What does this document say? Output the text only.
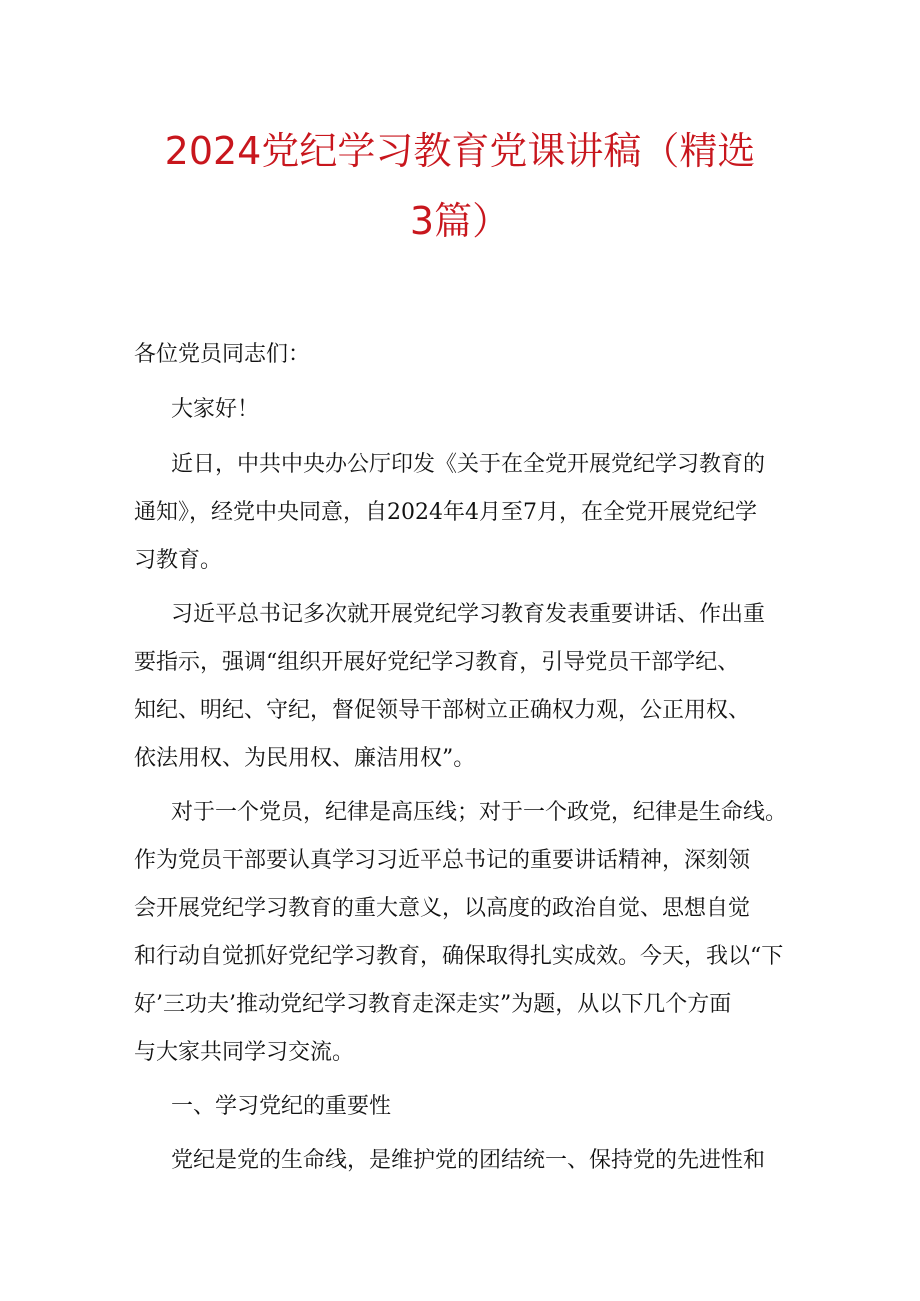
2024党纪学习教育党课讲稿（精选
3篇）
各位党员同志们：
大家好！
近日，中共中央办公厅印发《关于在全党开展党纪学习教育的
通知》，经党中央同意，自2024年4月至7月，在全党开展党纪学
习教育。
习近平总书记多次就开展党纪学习教育发表重要讲话、作出重
要指示，强调“组织开展好党纪学习教育，引导党员干部学纪、
知纪、明纪、守纪，督促领导干部树立正确权力观，公正用权、
依法用权、为民用权、廉洁用权”。
对于一个党员，纪律是高压线；对于一个政党，纪律是生命线。
作为党员干部要认真学习习近平总书记的重要讲话精神，深刻领
会开展党纪学习教育的重大意义，以高度的政治自觉、思想自觉
和行动自觉抓好党纪学习教育，确保取得扎实成效。今天，我以“下
好’三功夫’推动党纪学习教育走深走实”为题，从以下几个方面
与大家共同学习交流。
一、学习党纪的重要性
党纪是党的生命线，是维护党的团结统一、保持党的先进性和
